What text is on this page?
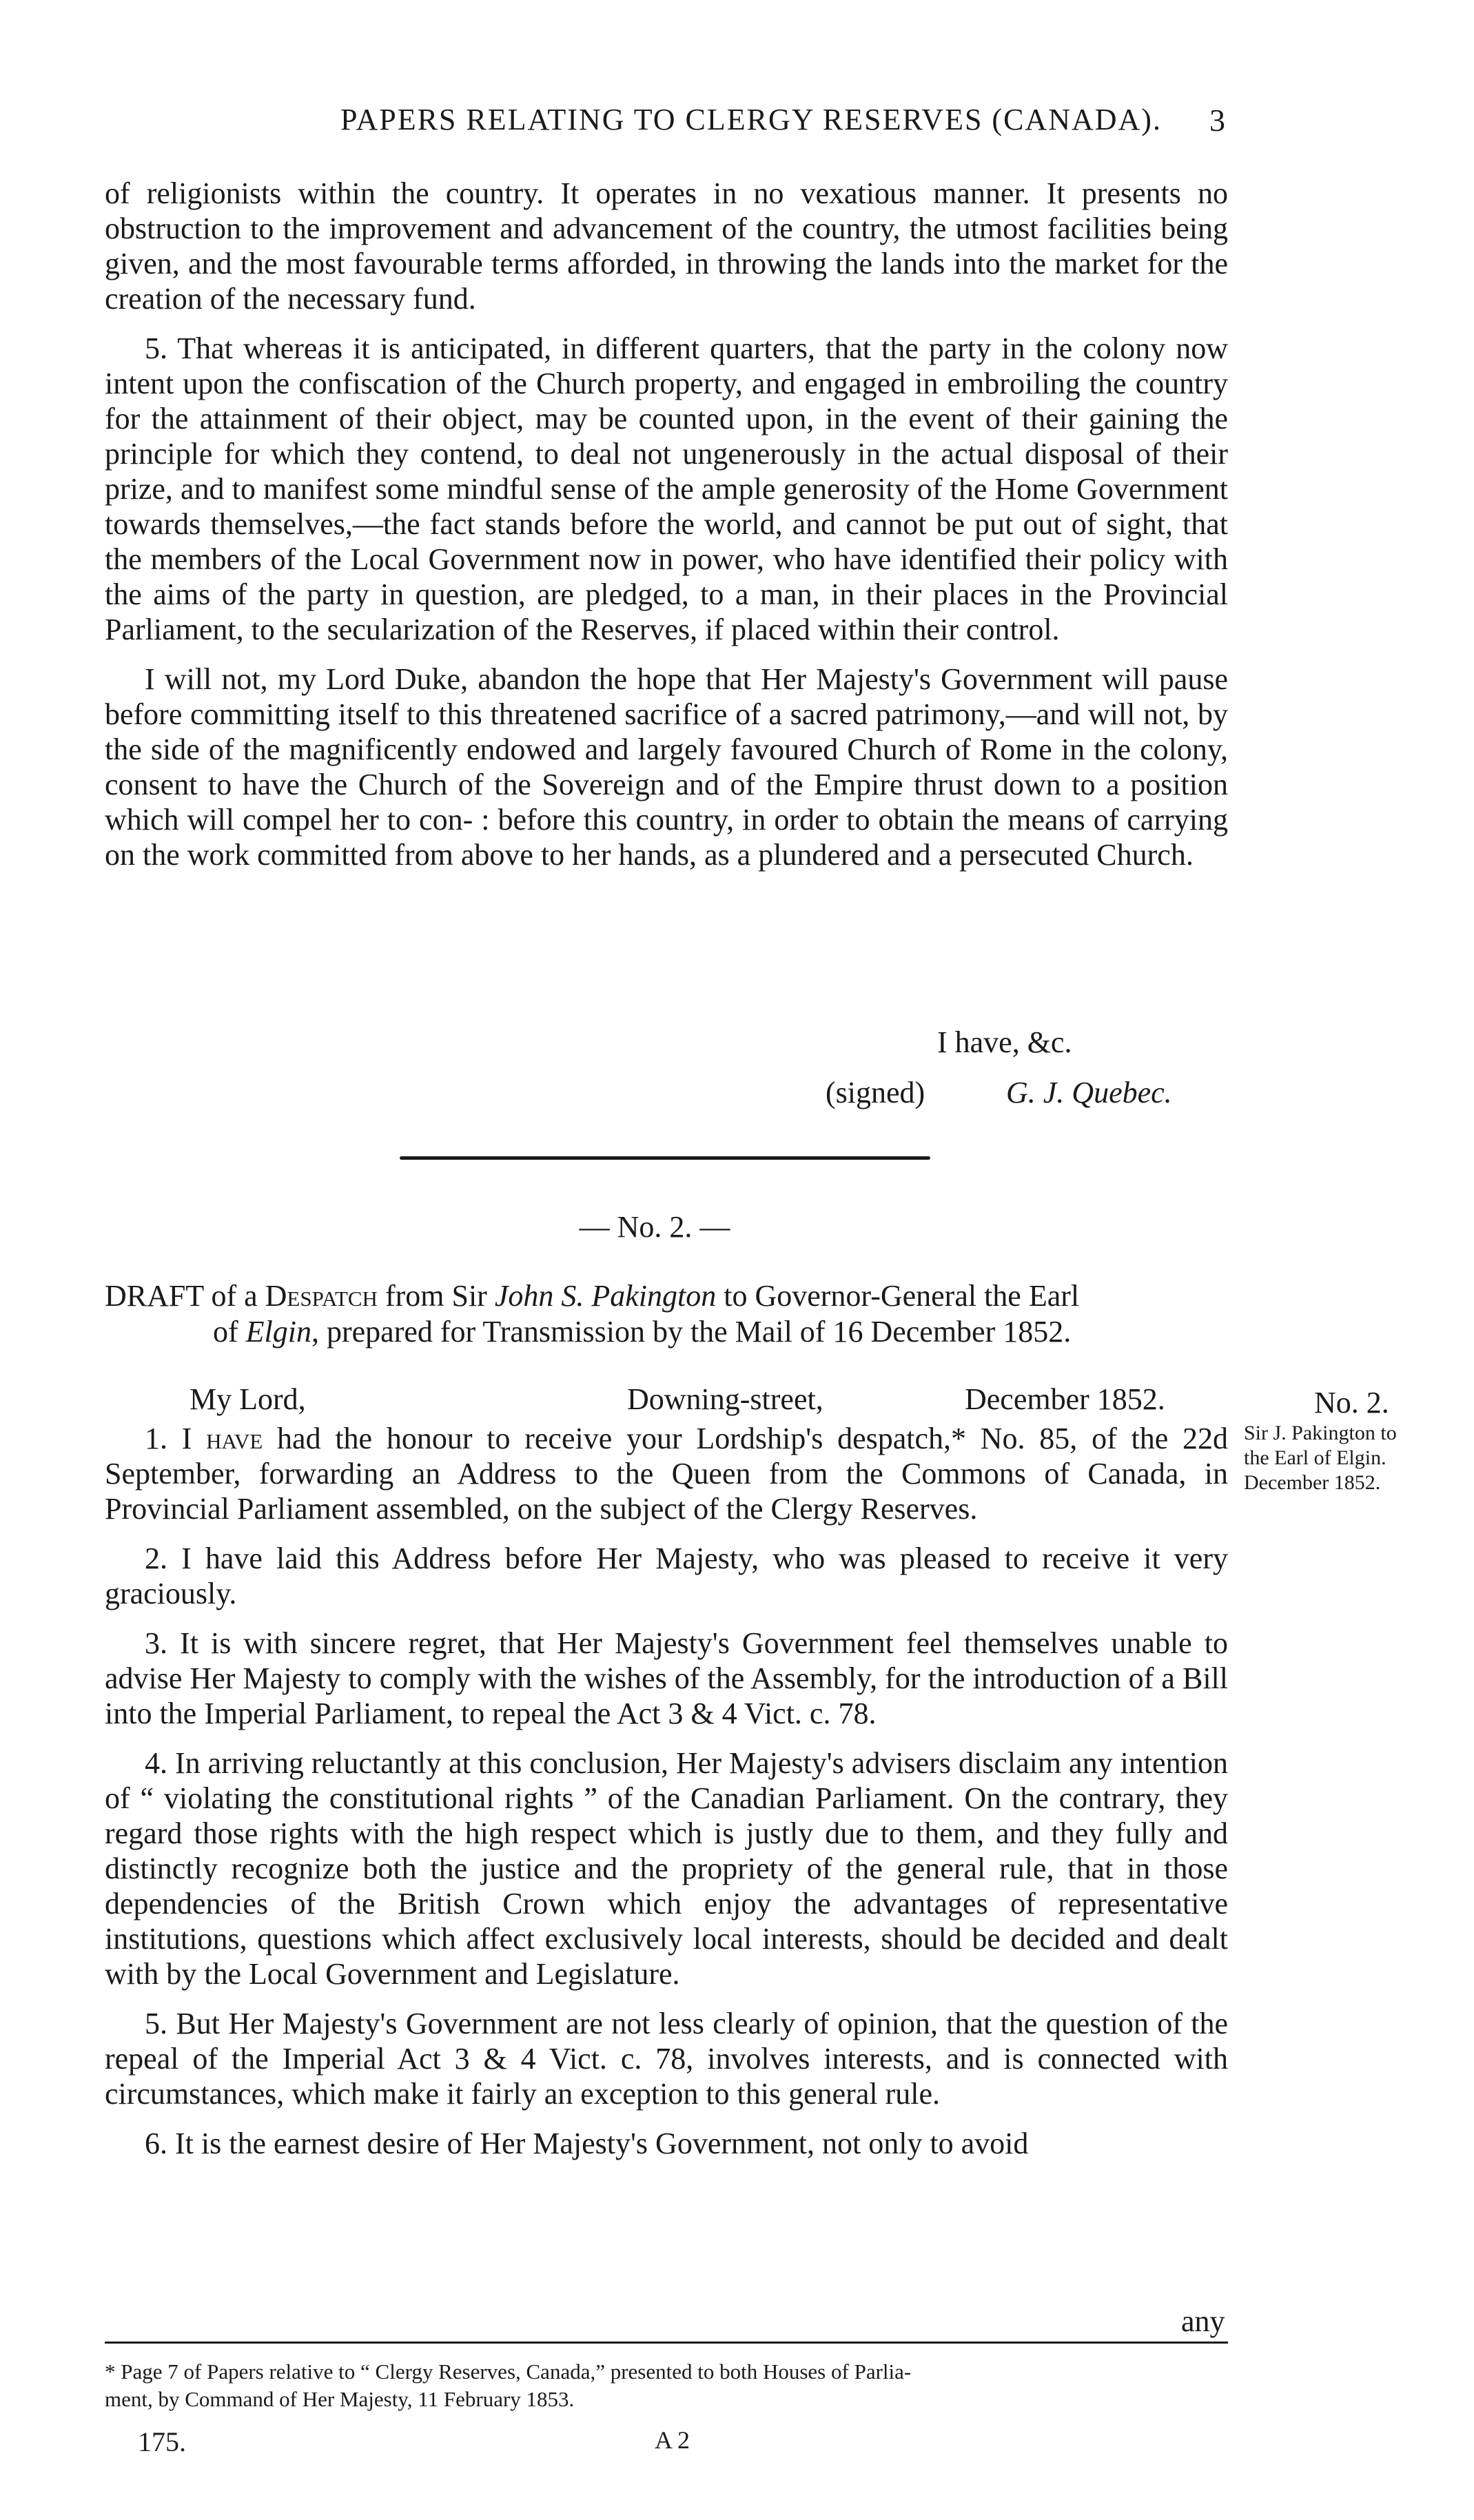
PAPERS RELATING TO CLERGY RESERVES (CANADA).	3

of religionists within the country. It operates in no vexatious manner. It presents no obstruction to the improvement and advancement of the country, the utmost facilities being given, and the most favourable terms afforded, in throwing the lands into the market for the creation of the necessary fund.

5. That whereas it is anticipated, in different quarters, that the party in the colony now intent upon the confiscation of the Church property, and engaged in embroiling the country for the attainment of their object, may be counted upon, in the event of their gaining the principle for which they contend, to deal not ungenerously in the actual disposal of their prize, and to manifest some mindful sense of the ample generosity of the Home Government towards themselves,—the fact stands before the world, and cannot be put out of sight, that the members of the Local Government now in power, who have identified their policy with the aims of the party in question, are pledged, to a man, in their places in the Provincial Parliament, to the secularization of the Reserves, if placed within their control.

I will not, my Lord Duke, abandon the hope that Her Majesty's Government will pause before committing itself to this threatened sacrifice of a sacred patrimony,—and will not, by the side of the magnificently endowed and largely favoured Church of Rome in the colony, consent to have the Church of the Sovereign and of the Empire thrust down to a position which will compel her to con- : before this country, in order to obtain the means of carrying on the work committed from above to her hands, as a plundered and a persecuted Church.

I have, &c.
(signed)	G. J. Quebec.
— No. 2. —
DRAFT of a Despatch from Sir John S. Pakington to Governor-General the Earl
of Elgin, prepared for Transmission by the Mail of 16 December 1852.
My Lord,	Downing-street,	December 1852.

1. I have had the honour to receive your Lordship's despatch,* No. 85, of the 22d September, forwarding an Address to the Queen from the Commons of Canada, in Provincial Parliament assembled, on the subject of the Clergy Reserves.

2. I have laid this Address before Her Majesty, who was pleased to receive it very graciously.

3. It is with sincere regret, that Her Majesty's Government feel themselves unable to advise Her Majesty to comply with the wishes of the Assembly, for the introduction of a Bill into the Imperial Parliament, to repeal the Act 3 & 4 Vict. c. 78.

4. In arriving reluctantly at this conclusion, Her Majesty's advisers disclaim any intention of “ violating the constitutional rights ” of the Canadian Parliament. On the contrary, they regard those rights with the high respect which is justly due to them, and they fully and distinctly recognize both the justice and the propriety of the general rule, that in those dependencies of the British Crown which enjoy the advantages of representative institutions, questions which affect exclusively local interests, should be decided and dealt with by the Local Government and Legislature.

5. But Her Majesty's Government are not less clearly of opinion, that the question of the repeal of the Imperial Act 3 & 4 Vict. c. 78, involves interests, and is connected with circumstances, which make it fairly an exception to this general rule.

6. It is the earnest desire of Her Majesty's Government, not only to avoid

No. 2.
Sir J. Pakington to
the Earl of Elgin.
December 1852.
any
* Page 7 of Papers relative to “ Clergy Reserves, Canada,” presented to both Houses of Parlia-
ment, by Command of Her Majesty, 11 February 1853.
175.	A 2
